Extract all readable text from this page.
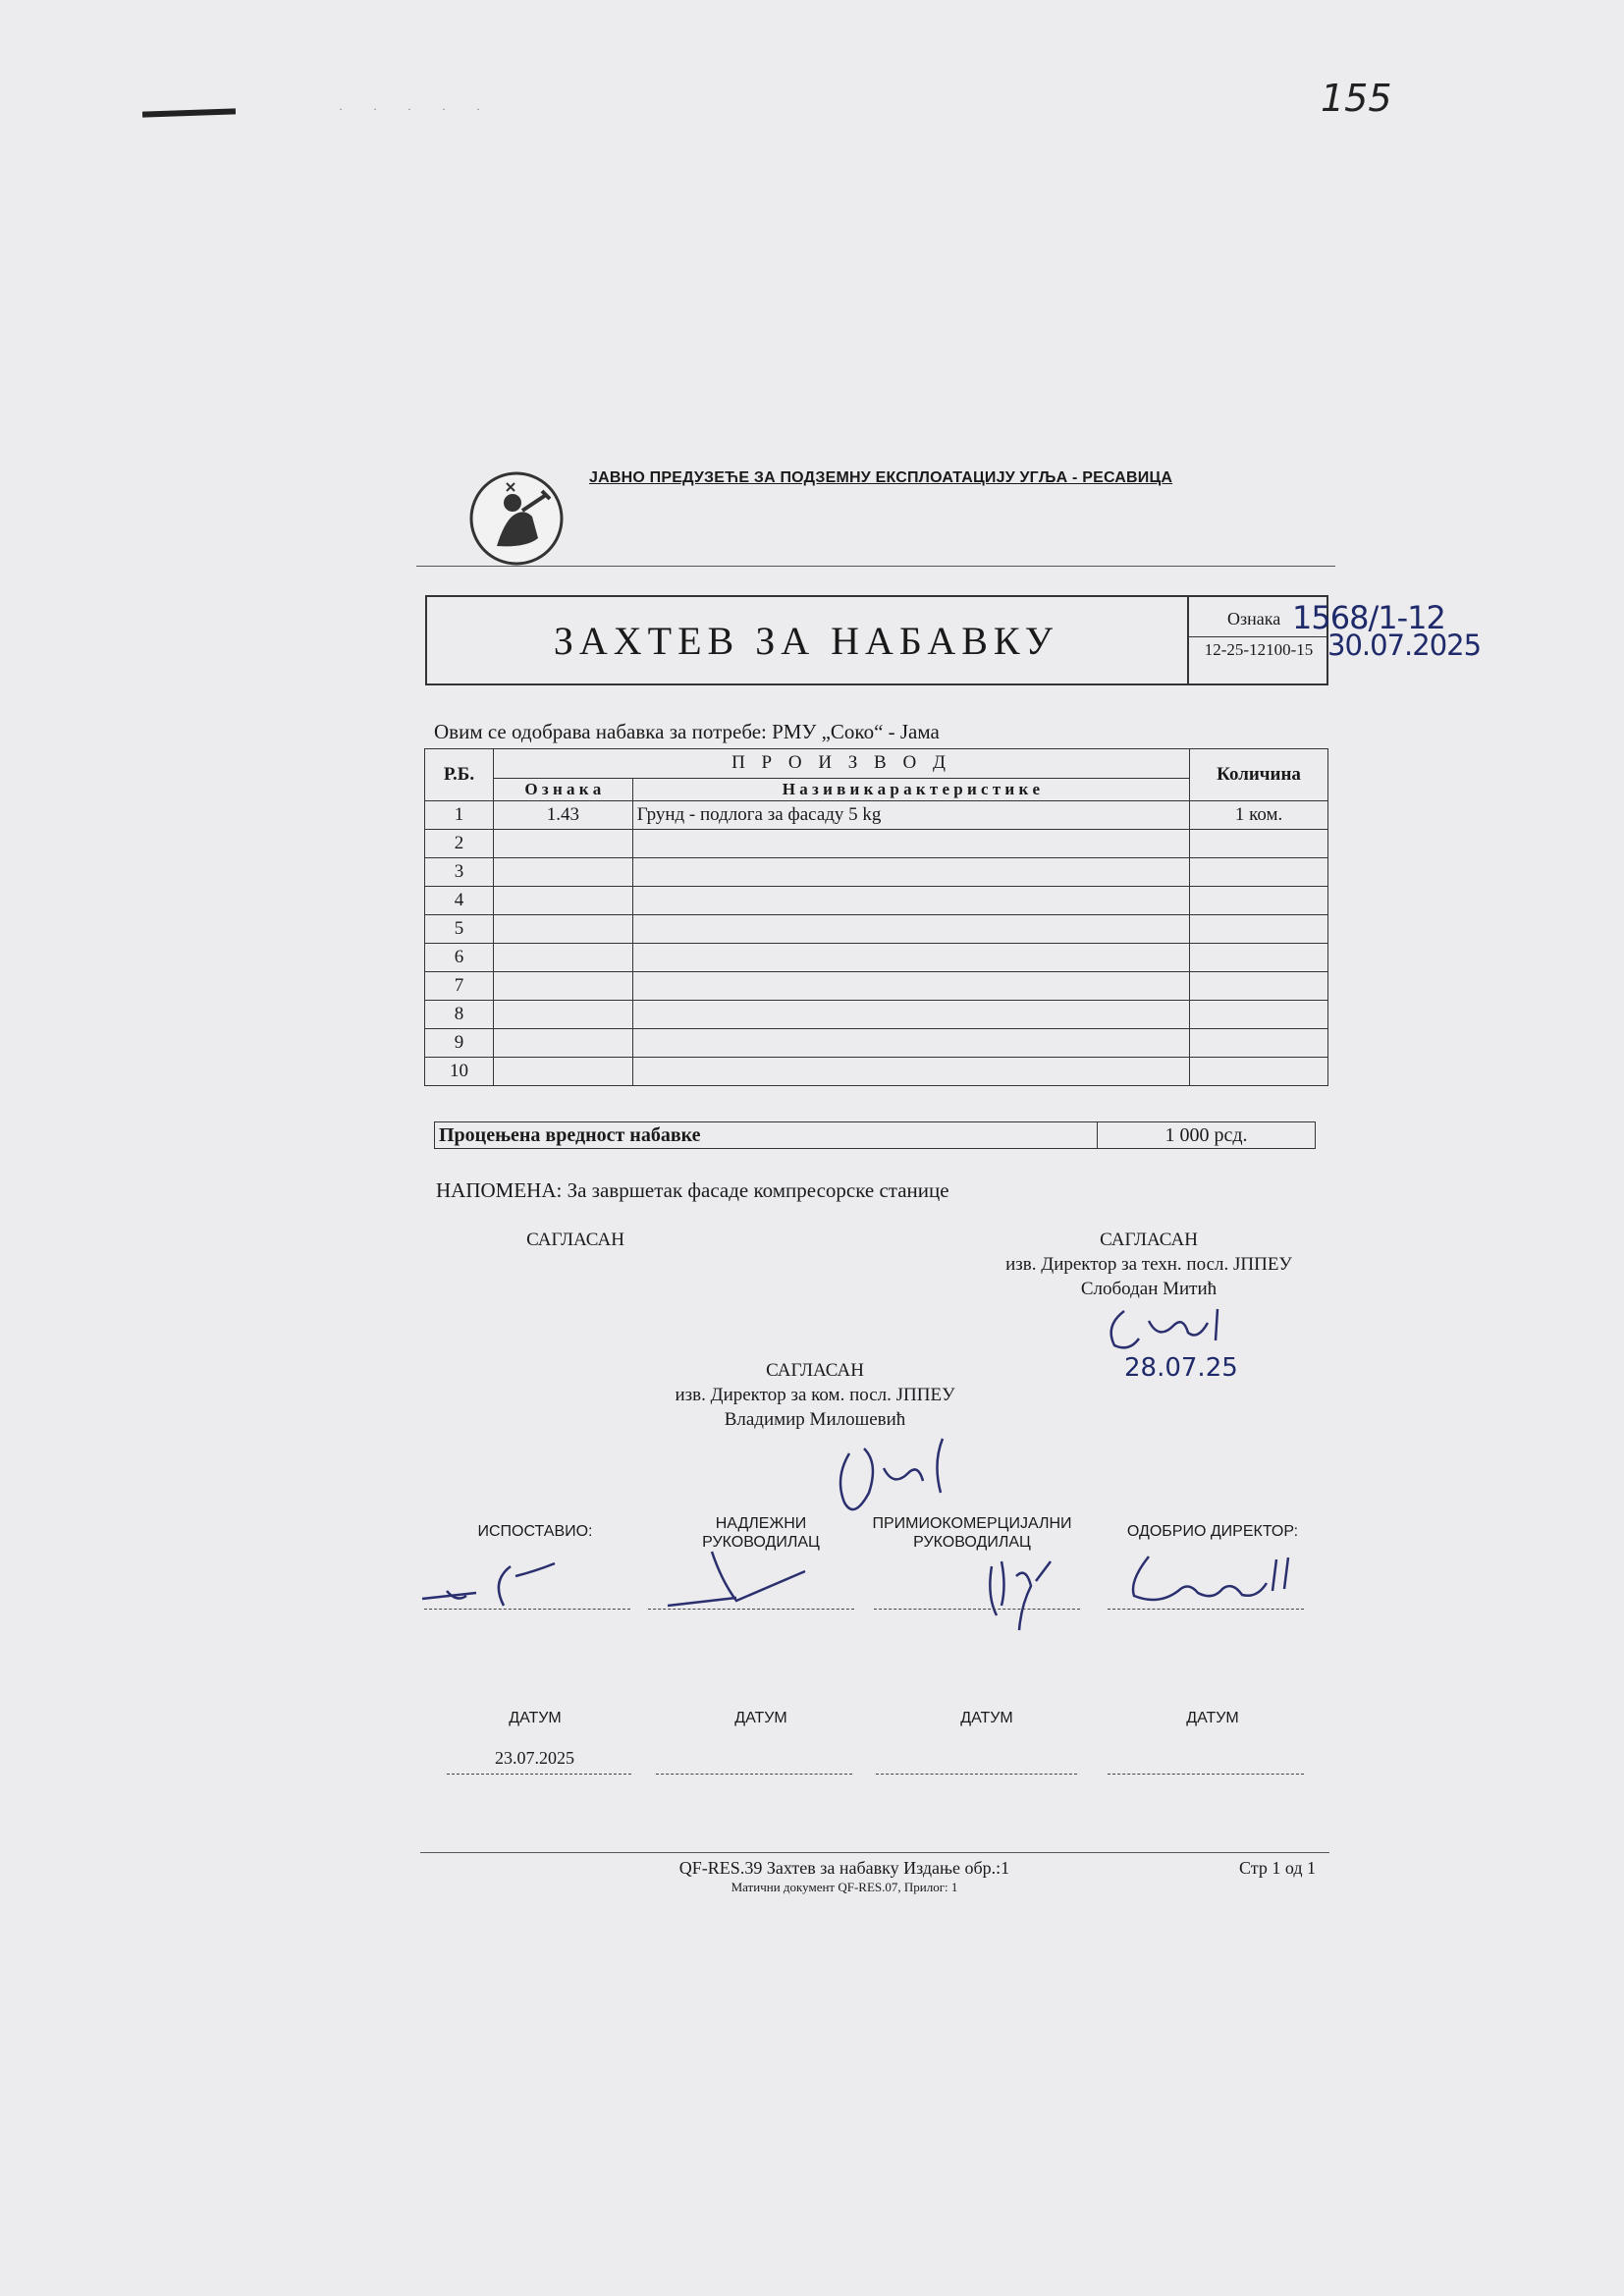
155
· · · · ·
ЈАВНО ПРЕДУЗЕЋЕ ЗА ПОДЗЕМНУ ЕКСПЛОАТАЦИЈУ УГЉА - РЕСАВИЦА
ЗАХТЕВ ЗА НАБАВКУ	Ознака
12-25-12100-15
1568/1-12
30.07.2025
Овим се одобрава набавка за потребе: РМУ „Соко“ - Јама
Р.Б.	П Р О И З В О Д		Количина
	О з н а к а	Н а з и в и к а р а к т е р и с т и к е	
1	1.43	Грунд - подлога за фасаду 5 kg	1 ком.
2			
3			
4			
5			
6			
7			
8			
9			
10			
Процењена вредност набавке	1 000 рсд.
НАПОМЕНА: За завршетак фасаде компресорске станице
САГЛАСАН	САГЛАСАН
изв. Директор за техн. посл. ЈППЕУ
Слободан Митић
28.07.25
САГЛАСАН
изв. Директор за ком. посл. ЈППЕУ
Владимир Милошевић
ИСПОСТАВИО:	НАДЛЕЖНИ РУКОВОДИЛАЦ
ПРИМИОКОМЕРЦИЈАЛНИ РУКОВОДИЛАЦ
ОДОБРИО ДИРЕКТОР:
ДАТУМ	ДАТУМ	ДАТУМ	ДАТУМ
23.07.2025
QF-RES.39 Захтев за набавку Издање обр.:1
Матични документ QF-RES.07, Прилог: 1
Стр 1 од 1
